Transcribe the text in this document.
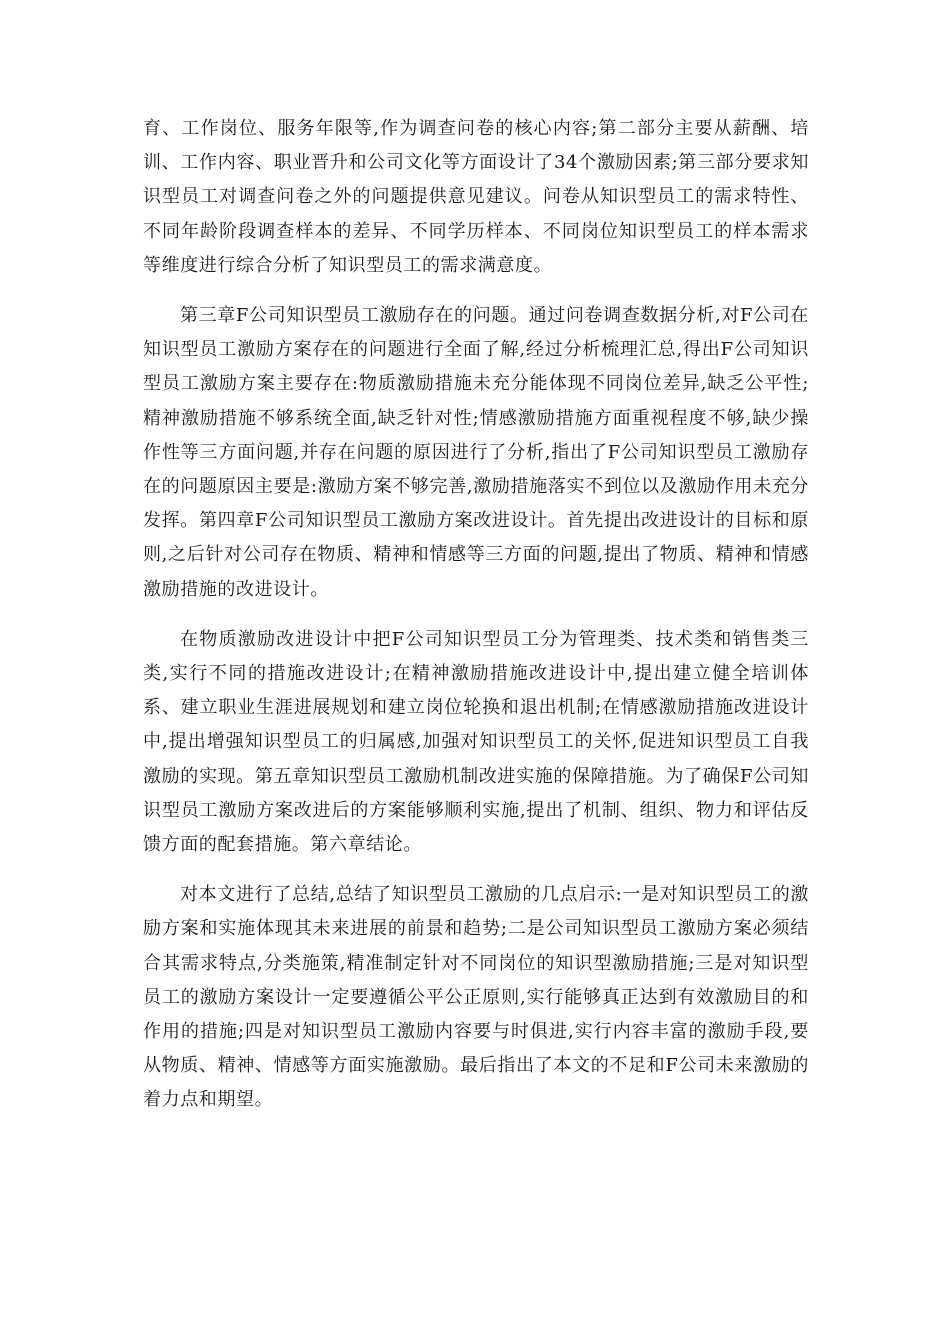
育、工作岗位、服务年限等,作为调查问卷的核心内容;第二部分主要从薪酬、培训、工作内容、职业晋升和公司文化等方面设计了34个激励因素;第三部分要求知识型员工对调查问卷之外的问题提供意见建议。问卷从知识型员工的需求特性、不同年龄阶段调查样本的差异、不同学历样本、不同岗位知识型员工的样本需求等维度进行综合分析了知识型员工的需求满意度。

第三章F公司知识型员工激励存在的问题。通过问卷调查数据分析,对F公司在知识型员工激励方案存在的问题进行全面了解,经过分析梳理汇总,得出F公司知识型员工激励方案主要存在:物质激励措施未充分能体现不同岗位差异,缺乏公平性;精神激励措施不够系统全面,缺乏针对性;情感激励措施方面重视程度不够,缺少操作性等三方面问题,并存在问题的原因进行了分析,指出了F公司知识型员工激励存在的问题原因主要是:激励方案不够完善,激励措施落实不到位以及激励作用未充分发挥。第四章F公司知识型员工激励方案改进设计。首先提出改进设计的目标和原则,之后针对公司存在物质、精神和情感等三方面的问题,提出了物质、精神和情感激励措施的改进设计。

在物质激励改进设计中把F公司知识型员工分为管理类、技术类和销售类三类,实行不同的措施改进设计;在精神激励措施改进设计中,提出建立健全培训体系、建立职业生涯进展规划和建立岗位轮换和退出机制;在情感激励措施改进设计中,提出增强知识型员工的归属感,加强对知识型员工的关怀,促进知识型员工自我激励的实现。第五章知识型员工激励机制改进实施的保障措施。为了确保F公司知识型员工激励方案改进后的方案能够顺利实施,提出了机制、组织、物力和评估反馈方面的配套措施。第六章结论。

对本文进行了总结,总结了知识型员工激励的几点启示:一是对知识型员工的激励方案和实施体现其未来进展的前景和趋势;二是公司知识型员工激励方案必须结合其需求特点,分类施策,精准制定针对不同岗位的知识型激励措施;三是对知识型员工的激励方案设计一定要遵循公平公正原则,实行能够真正达到有效激励目的和作用的措施;四是对知识型员工激励内容要与时俱进,实行内容丰富的激励手段,要从物质、精神、情感等方面实施激励。最后指出了本文的不足和F公司未来激励的着力点和期望。
